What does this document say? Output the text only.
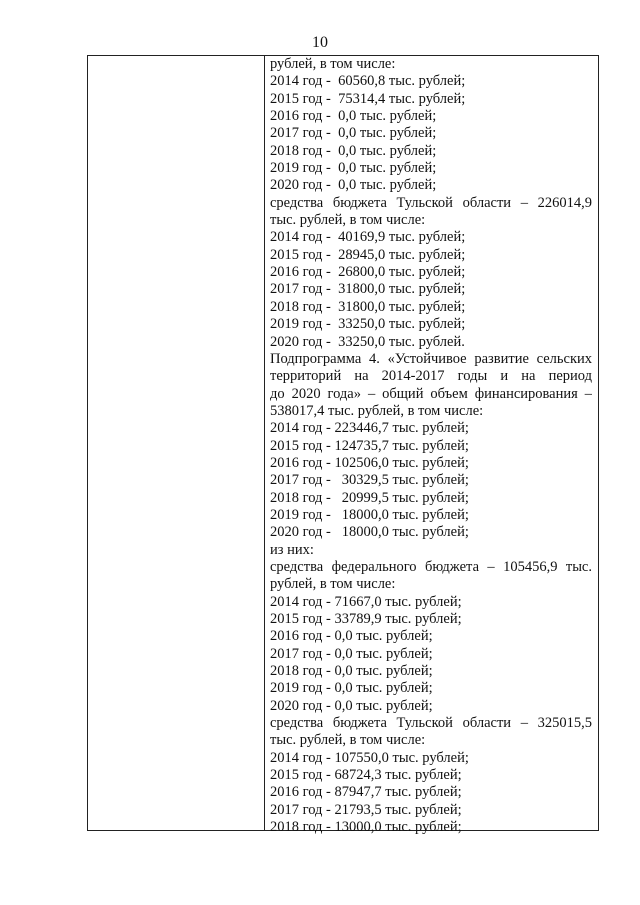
10
рублей, в том числе:
2014 год -  60560,8 тыс. рублей;
2015 год -  75314,4 тыс. рублей;
2016 год -  0,0 тыс. рублей;
2017 год -  0,0 тыс. рублей;
2018 год -  0,0 тыс. рублей;
2019 год -  0,0 тыс. рублей;
2020 год -  0,0 тыс. рублей;
средства бюджета Тульской области – 226014,9
тыс. рублей, в том числе:
2014 год -  40169,9 тыс. рублей;
2015 год -  28945,0 тыс. рублей;
2016 год -  26800,0 тыс. рублей;
2017 год -  31800,0 тыс. рублей;
2018 год -  31800,0 тыс. рублей;
2019 год -  33250,0 тыс. рублей;
2020 год -  33250,0 тыс. рублей.
Подпрограмма 4. «Устойчивое развитие сельских
территорий на 2014-2017 годы и на период
до 2020 года» – общий объем финансирования –
538017,4 тыс. рублей, в том числе:
2014 год - 223446,7 тыс. рублей;
2015 год - 124735,7 тыс. рублей;
2016 год - 102506,0 тыс. рублей;
2017 год -   30329,5 тыс. рублей;
2018 год -   20999,5 тыс. рублей;
2019 год -   18000,0 тыс. рублей;
2020 год -   18000,0 тыс. рублей;
из них:
средства федерального бюджета – 105456,9 тыс.
рублей, в том числе:
2014 год - 71667,0 тыс. рублей;
2015 год - 33789,9 тыс. рублей;
2016 год - 0,0 тыс. рублей;
2017 год - 0,0 тыс. рублей;
2018 год - 0,0 тыс. рублей;
2019 год - 0,0 тыс. рублей;
2020 год - 0,0 тыс. рублей;
средства бюджета Тульской области – 325015,5
тыс. рублей, в том числе:
2014 год - 107550,0 тыс. рублей;
2015 год - 68724,3 тыс. рублей;
2016 год - 87947,7 тыс. рублей;
2017 год - 21793,5 тыс. рублей;
2018 год - 13000,0 тыс. рублей;
